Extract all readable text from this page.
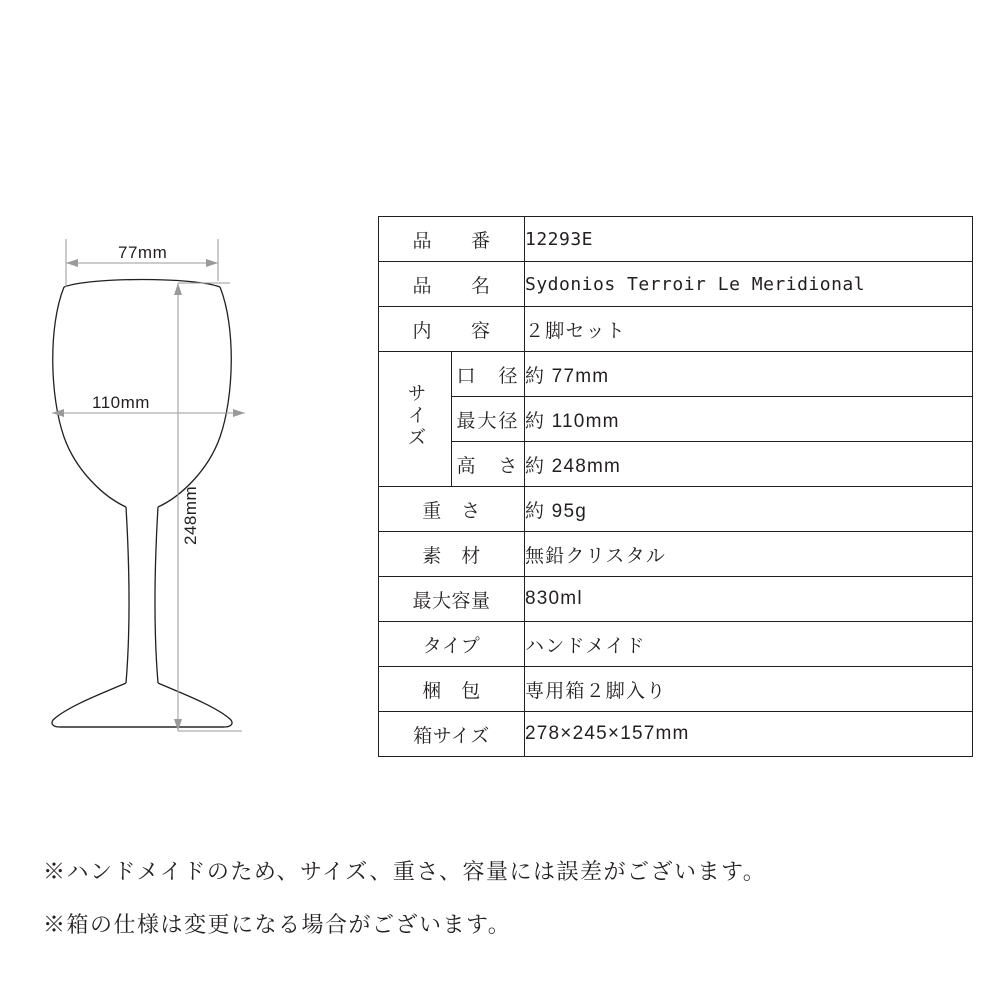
77mm
110mm
248mm
品　　番		12293E
品　　名		Sydonios Terroir Le Meridional
内　　容		２脚セット
サイズ	口　径	約 77mm
	最大径	約 110mm
	高　さ	約 248mm
重　さ		約 95g
素　材		無鉛クリスタル
最大容量		830ml
タイプ		ハンドメイド
梱　包		専用箱２脚入り
箱サイズ		278×245×157mm
※ハンドメイドのため、サイズ、重さ、容量には誤差がございます。
※箱の仕様は変更になる場合がございます。
